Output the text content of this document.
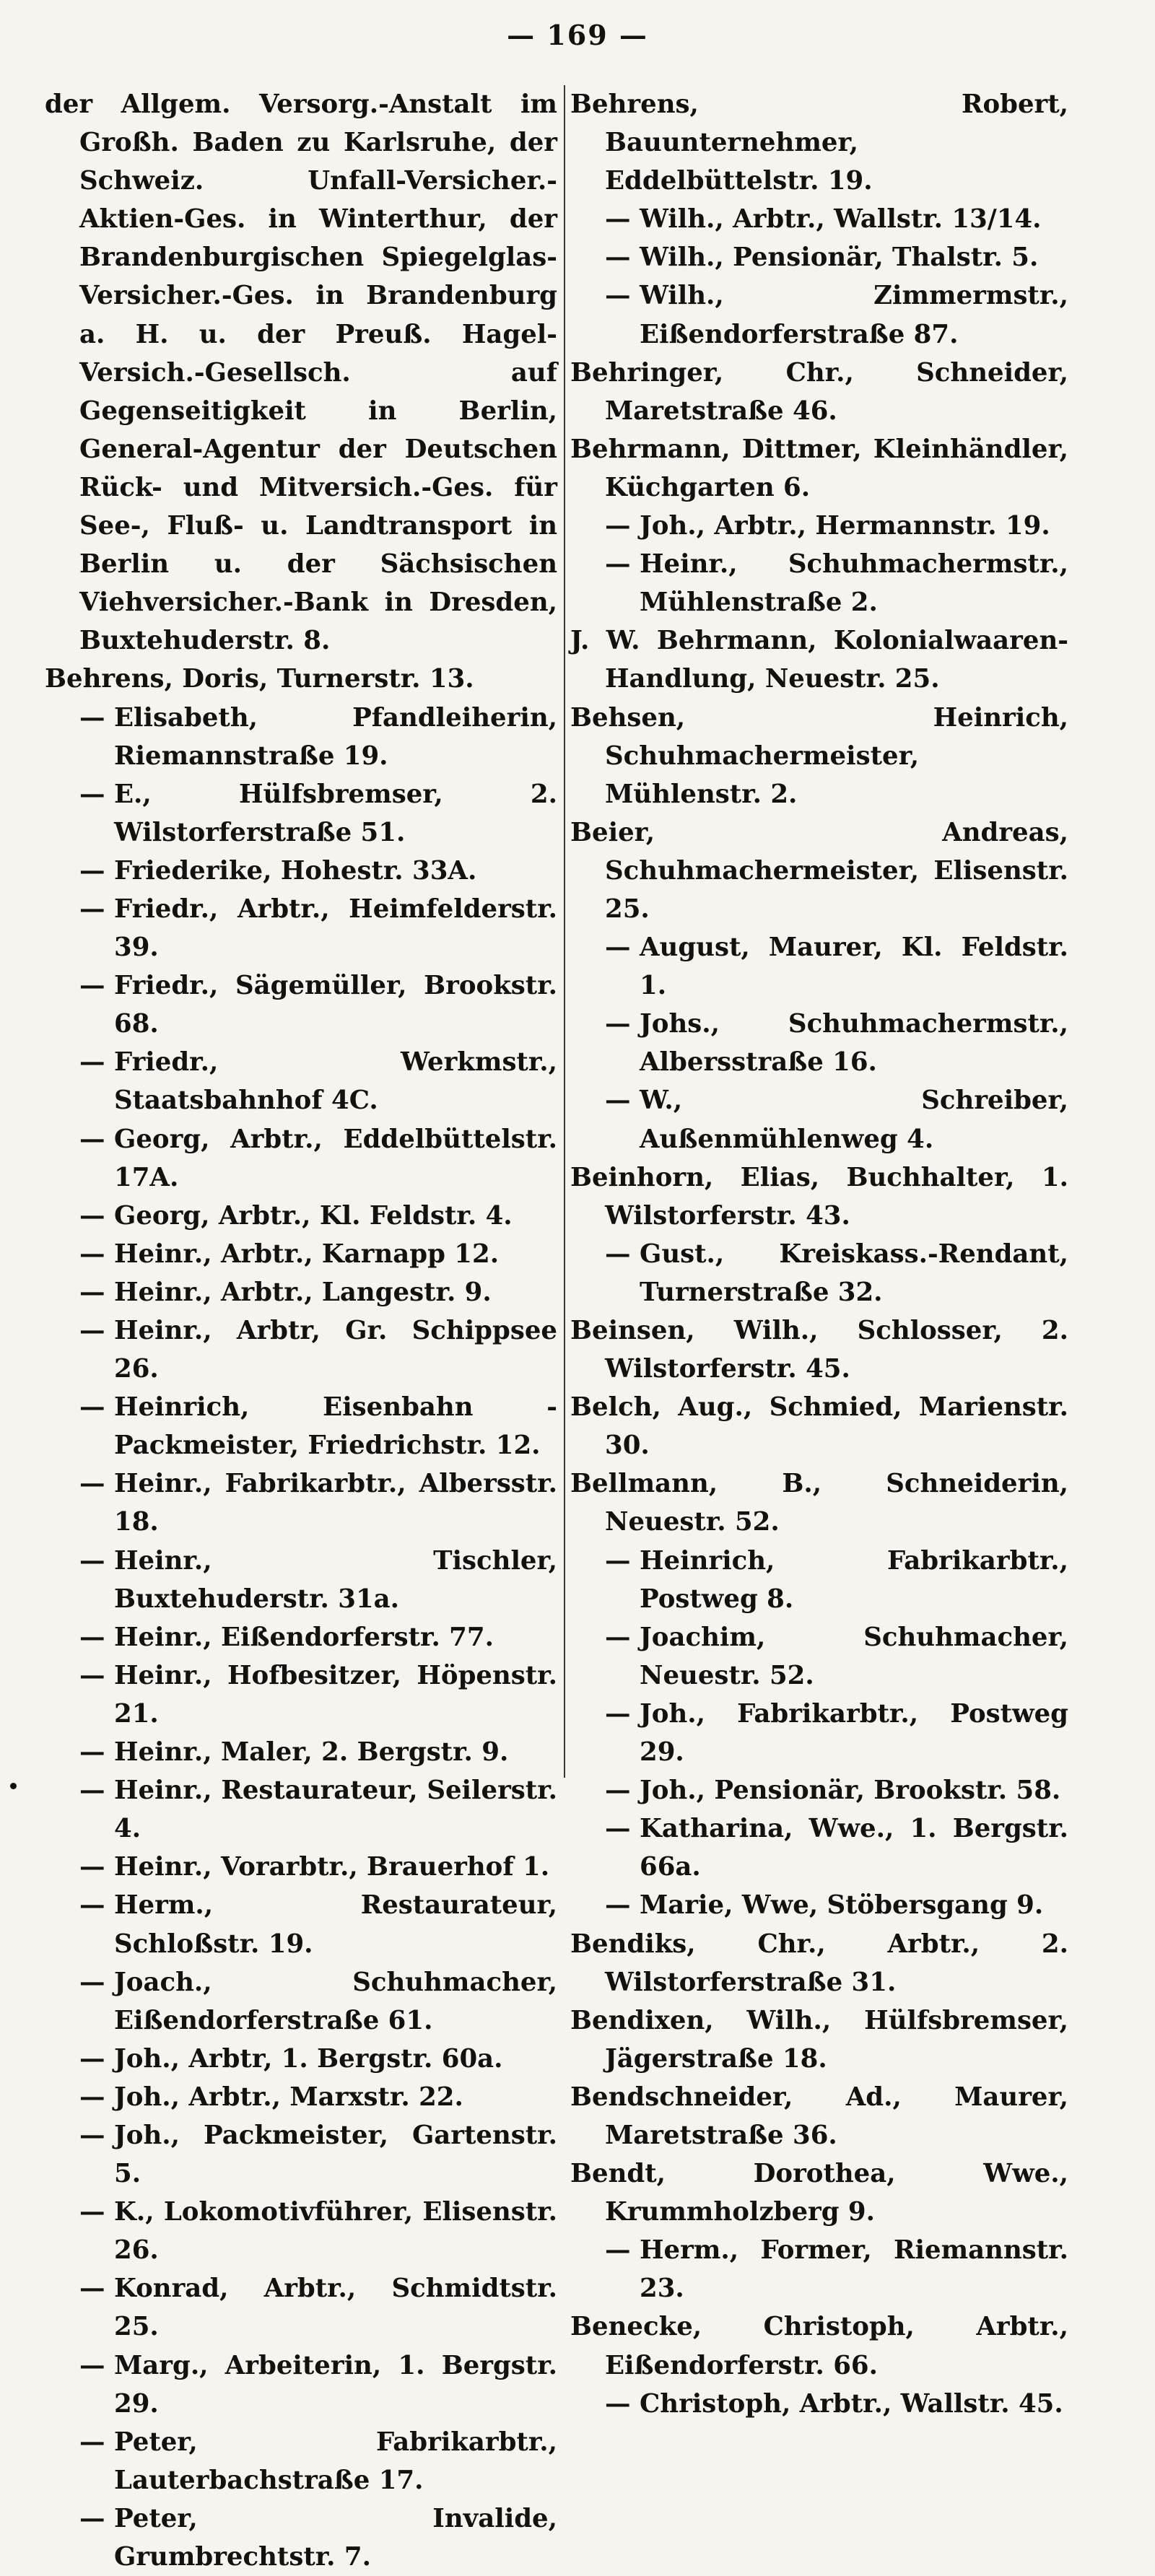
— 169 —

der Allgem. Versorg.-Anstalt im Großh. Baden zu Karlsruhe, der Schweiz. Unfall-Versicher.-Aktien-Ges. in Winterthur, der Brandenburgischen Spiegelglas-Versicher.-Ges. in Brandenburg a. H. u. der Preuß. Hagel-Versich.-Gesellsch. auf Gegenseitigkeit in Berlin, General-Agentur der Deutschen Rück- und Mitversich.-Ges. für See-, Fluß- u. Landtransport in Berlin u. der Sächsischen Viehversicher.-Bank in Dresden, Buxtehuderstr. 8.

Behrens, Doris, Turnerstr. 13.

— Elisabeth, Pfandleiherin, Riemannstraße 19.

— E., Hülfsbremser, 2. Wilstorferstraße 51.

— Friederike, Hohestr. 33A.

— Friedr., Arbtr., Heimfelderstr. 39.

— Friedr., Sägemüller, Brookstr. 68.

— Friedr., Werkmstr., Staatsbahnhof 4C.

— Georg, Arbtr., Eddelbüttelstr. 17A.

— Georg, Arbtr., Kl. Feldstr. 4.

— Heinr., Arbtr., Karnapp 12.

— Heinr., Arbtr., Langestr. 9.

— Heinr., Arbtr, Gr. Schippsee 26.

— Heinrich, Eisenbahn - Packmeister, Friedrichstr. 12.

— Heinr., Fabrikarbtr., Albersstr. 18.

— Heinr., Tischler, Buxtehuderstr. 31a.

— Heinr., Eißendorferstr. 77.

— Heinr., Hofbesitzer, Höpenstr. 21.

— Heinr., Maler, 2. Bergstr. 9.

— Heinr., Restaurateur, Seilerstr. 4.

— Heinr., Vorarbtr., Brauerhof 1.

— Herm., Restaurateur, Schloßstr. 19.

— Joach., Schuhmacher, Eißendorferstraße 61.

— Joh., Arbtr, 1. Bergstr. 60a.

— Joh., Arbtr., Marxstr. 22.

— Joh., Packmeister, Gartenstr. 5.

— K., Lokomotivführer, Elisenstr. 26.

— Konrad, Arbtr., Schmidtstr. 25.

— Marg., Arbeiterin, 1. Bergstr. 29.

— Peter, Fabrikarbtr., Lauterbachstraße 17.

— Peter, Invalide, Grumbrechtstr. 7.

Behrens, Robert, Bauunternehmer, Eddelbüttelstr. 19.

— Wilh., Arbtr., Wallstr. 13/14.

— Wilh., Pensionär, Thalstr. 5.

— Wilh., Zimmermstr., Eißendorferstraße 87.

Behringer, Chr., Schneider, Maretstraße 46.

Behrmann, Dittmer, Kleinhändler, Küchgarten 6.

— Joh., Arbtr., Hermannstr. 19.

— Heinr., Schuhmachermstr., Mühlenstraße 2.

J. W. Behrmann, Kolonialwaaren-Handlung, Neuestr. 25.

Behsen, Heinrich, Schuhmachermeister, Mühlenstr. 2.

Beier, Andreas, Schuhmachermeister, Elisenstr. 25.

— August, Maurer, Kl. Feldstr. 1.

— Johs., Schuhmachermstr., Albersstraße 16.

— W., Schreiber, Außenmühlenweg 4.

Beinhorn, Elias, Buchhalter, 1. Wilstorferstr. 43.

— Gust., Kreiskass.-Rendant, Turnerstraße 32.

Beinsen, Wilh., Schlosser, 2. Wilstorferstr. 45.

Belch, Aug., Schmied, Marienstr. 30.

Bellmann, B., Schneiderin, Neuestr. 52.

— Heinrich, Fabrikarbtr., Postweg 8.

— Joachim, Schuhmacher, Neuestr. 52.

— Joh., Fabrikarbtr., Postweg 29.

— Joh., Pensionär, Brookstr. 58.

— Katharina, Wwe., 1. Bergstr. 66a.

— Marie, Wwe, Stöbersgang 9.

Bendiks, Chr., Arbtr., 2. Wilstorferstraße 31.

Bendixen, Wilh., Hülfsbremser, Jägerstraße 18.

Bendschneider, Ad., Maurer, Maretstraße 36.

Bendt, Dorothea, Wwe., Krummholzberg 9.

— Herm., Former, Riemannstr. 23.

Benecke, Christoph, Arbtr., Eißendorferstr. 66.

— Christoph, Arbtr., Wallstr. 45.
